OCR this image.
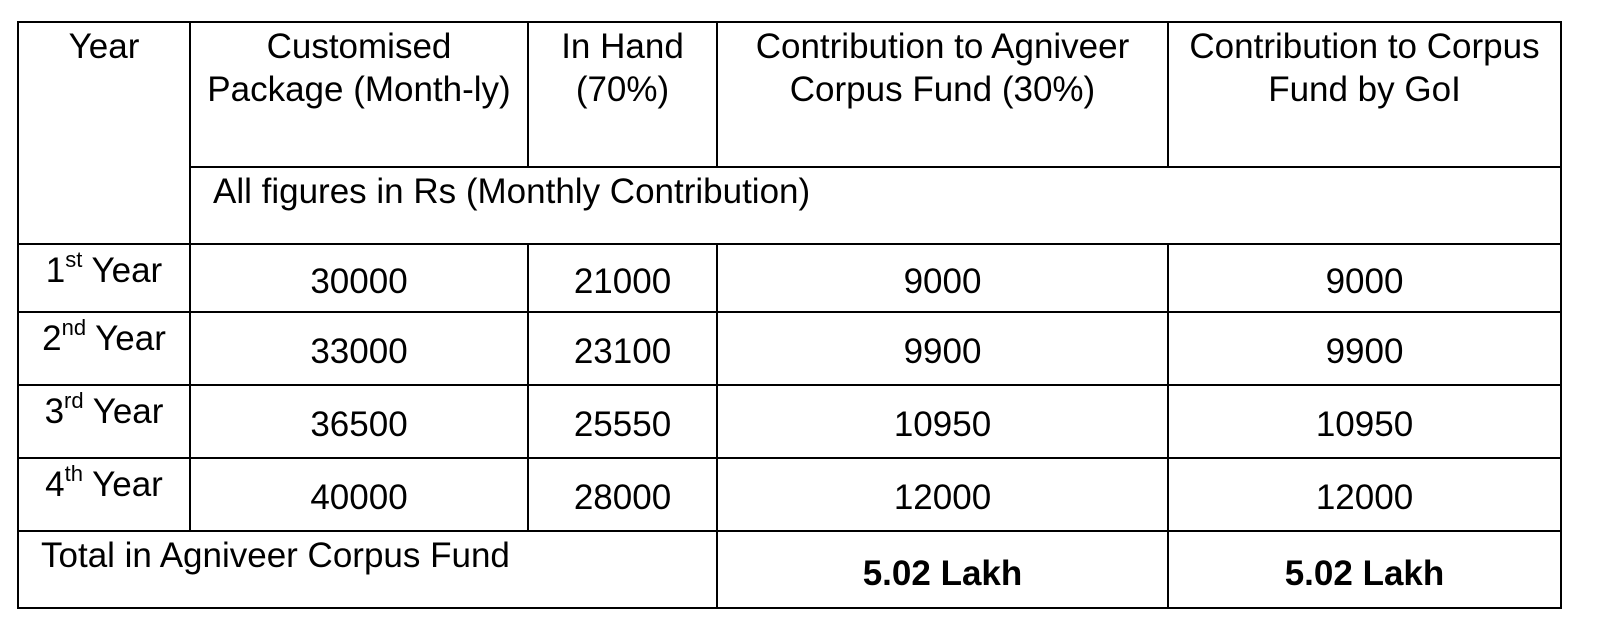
Year	Customised Package (Month-ly)	In Hand (70%)	Contribution to Agniveer Corpus Fund (30%)	Contribution to Corpus Fund by GoI

	All figures in Rs (Monthly Contribution)			
1st Year	30000	21000	9000	9000
2nd Year	33000	23100	9900	9900
3rd Year	36500	25550	10950	10950
4th Year	40000	28000	12000	12000
Total in Agniveer Corpus Fund			5.02 Lakh	5.02 Lakh
